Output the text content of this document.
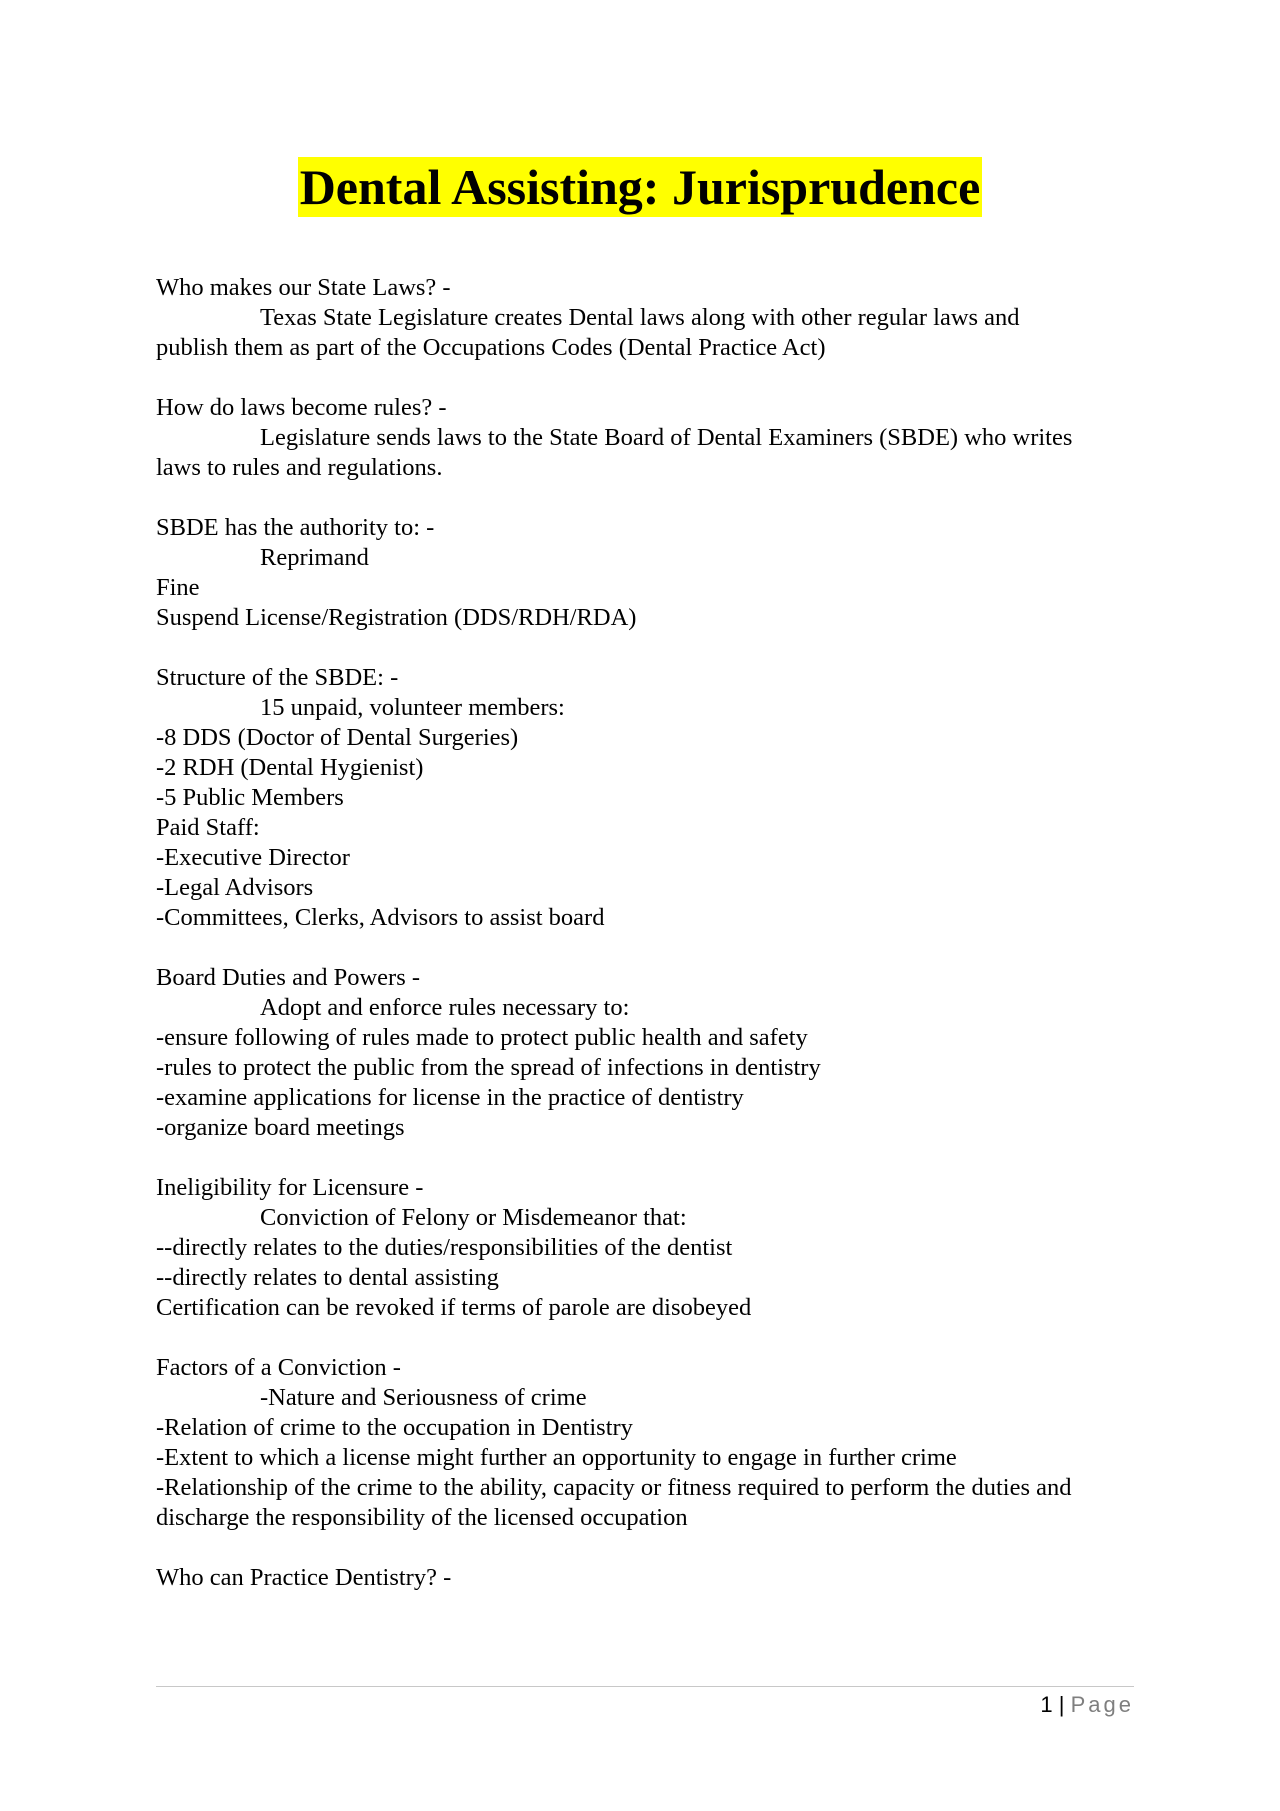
Dental Assisting: Jurisprudence
Who makes our State Laws? -
Texas State Legislature creates Dental laws along with other regular laws and
publish them as part of the Occupations Codes (Dental Practice Act)
How do laws become rules? -
Legislature sends laws to the State Board of Dental Examiners (SBDE) who writes
laws to rules and regulations.
SBDE has the authority to: -
Reprimand
Fine
Suspend License/Registration (DDS/RDH/RDA)
Structure of the SBDE: -
15 unpaid, volunteer members:
-8 DDS (Doctor of Dental Surgeries)
-2 RDH (Dental Hygienist)
-5 Public Members
Paid Staff:
-Executive Director
-Legal Advisors
-Committees, Clerks, Advisors to assist board
Board Duties and Powers -
Adopt and enforce rules necessary to:
-ensure following of rules made to protect public health and safety
-rules to protect the public from the spread of infections in dentistry
-examine applications for license in the practice of dentistry
-organize board meetings
Ineligibility for Licensure -
Conviction of Felony or Misdemeanor that:
--directly relates to the duties/responsibilities of the dentist
--directly relates to dental assisting
Certification can be revoked if terms of parole are disobeyed
Factors of a Conviction -
-Nature and Seriousness of crime
-Relation of crime to the occupation in Dentistry
-Extent to which a license might further an opportunity to engage in further crime
-Relationship of the crime to the ability, capacity or fitness required to perform the duties and
discharge the responsibility of the licensed occupation
Who can Practice Dentistry? -
1 | Page
